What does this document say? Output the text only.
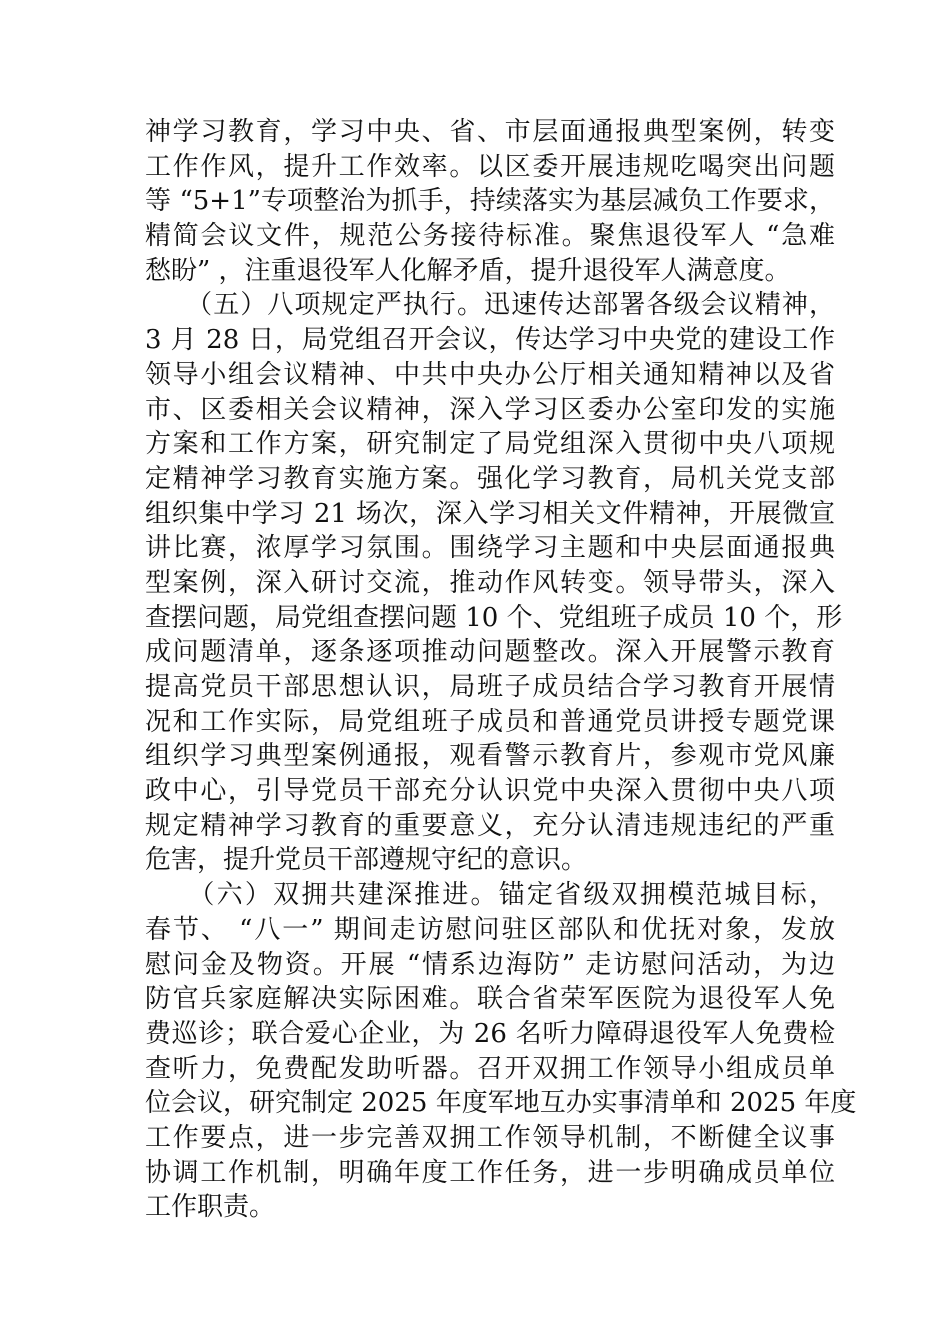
神学习教育，学习中央、省、市层面通报典型案例，转变
工作作风，提升工作效率。以区委开展违规吃喝突出问题
等 “5+1”专项整治为抓手，持续落实为基层减负工作要求，
精简会议文件，规范公务接待标准。聚焦退役军人 “急难
愁盼” ，注重退役军人化解矛盾，提升退役军人满意度。
　　（五）八项规定严执行。迅速传达部署各级会议精神，
3 月 28 日，局党组召开会议，传达学习中央党的建设工作
领导小组会议精神、中共中央办公厅相关通知精神以及省
市、区委相关会议精神，深入学习区委办公室印发的实施
方案和工作方案，研究制定了局党组深入贯彻中央八项规
定精神学习教育实施方案。强化学习教育，局机关党支部
组织集中学习 21 场次，深入学习相关文件精神，开展微宣
讲比赛，浓厚学习氛围。围绕学习主题和中央层面通报典
型案例，深入研讨交流，推动作风转变。领导带头，深入
查摆问题，局党组查摆问题 10 个、党组班子成员 10 个，形
成问题清单，逐条逐项推动问题整改。深入开展警示教育
提高党员干部思想认识，局班子成员结合学习教育开展情
况和工作实际，局党组班子成员和普通党员讲授专题党课
组织学习典型案例通报，观看警示教育片，参观市党风廉
政中心，引导党员干部充分认识党中央深入贯彻中央八项
规定精神学习教育的重要意义，充分认清违规违纪的严重
危害，提升党员干部遵规守纪的意识。
　　（六）双拥共建深推进。锚定省级双拥模范城目标，
春节、 “八一” 期间走访慰问驻区部队和优抚对象，发放
慰问金及物资。开展 “情系边海防” 走访慰问活动，为边
防官兵家庭解决实际困难。联合省荣军医院为退役军人免
费巡诊；联合爱心企业，为 26 名听力障碍退役军人免费检
查听力，免费配发助听器。召开双拥工作领导小组成员单
位会议，研究制定 2025 年度军地互办实事清单和 2025 年度
工作要点，进一步完善双拥工作领导机制，不断健全议事
协调工作机制，明确年度工作任务，进一步明确成员单位
工作职责。
